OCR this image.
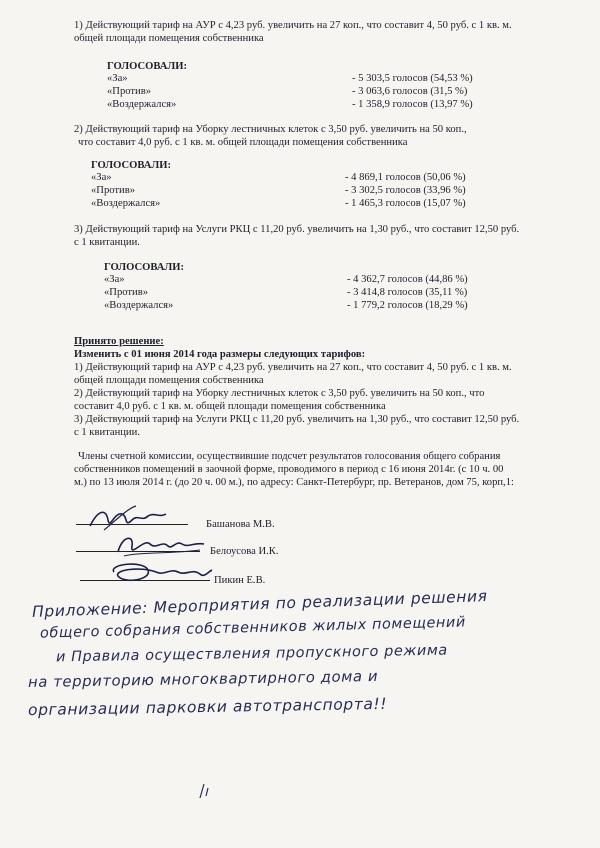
1) Действующий тариф на АУР с 4,23 руб. увеличить на 27 коп., что составит 4, 50 руб. с 1 кв. м.
общей площади помещения собственника
ГОЛОСОВАЛИ:
«За»	- 5 303,5 голосов (54,53 %)
«Против»	- 3 063,6 голосов (31,5 %)
«Воздержался»	- 1 358,9 голосов (13,97 %)
2) Действующий тариф на Уборку лестничных клеток с 3,50 руб. увеличить на 50 коп.,
что составит 4,0 руб. с 1 кв. м. общей площади помещения собственника
ГОЛОСОВАЛИ:
«За»	- 4 869,1 голосов (50,06 %)
«Против»	- 3 302,5 голосов (33,96 %)
«Воздержался»	- 1 465,3 голосов (15,07 %)
3) Действующий тариф на Услуги РКЦ с 11,20 руб. увеличить на 1,30 руб., что составит 12,50 руб.
с 1 квитанции.
ГОЛОСОВАЛИ:
«За»	- 4 362,7 голосов (44,86 %)
«Против»	- 3 414,8 голосов (35,11 %)
«Воздержался»	- 1 779,2 голосов (18,29 %)
Принято решение:
Изменить с 01 июня 2014 года размеры следующих тарифов:
1) Действующий тариф на АУР с 4,23 руб. увеличить на 27 коп., что составит 4, 50 руб. с 1 кв. м.
общей площади помещения собственника
2) Действующий тариф на Уборку лестничных клеток с 3,50 руб. увеличить на 50 коп., что
составит 4,0 руб. с 1 кв. м. общей площади помещения собственника
3) Действующий тариф на Услуги РКЦ с 11,20 руб. увеличить на 1,30 руб., что составит 12,50 руб.
с 1 квитанции.
Члены счетной комиссии, осуществившие подсчет результатов голосования общего собрания
собственников помещений в заочной форме, проводимого в период с 16 июня 2014г. (с 10 ч. 00
м.) по 13 июля 2014 г. (до 20 ч. 00 м.), по адресу: Санкт-Петербург, пр. Ветеранов, дом 75, корп,1:
Башанова М.В.
Белоусова И.К.
Пикин Е.В.
Приложение: Мероприятия по реализации решения
общего собрания собственников жилых помещений
и Правила осуществления пропускного режима
на территорию многоквартирного дома и
организации парковки автотранспорта!!
